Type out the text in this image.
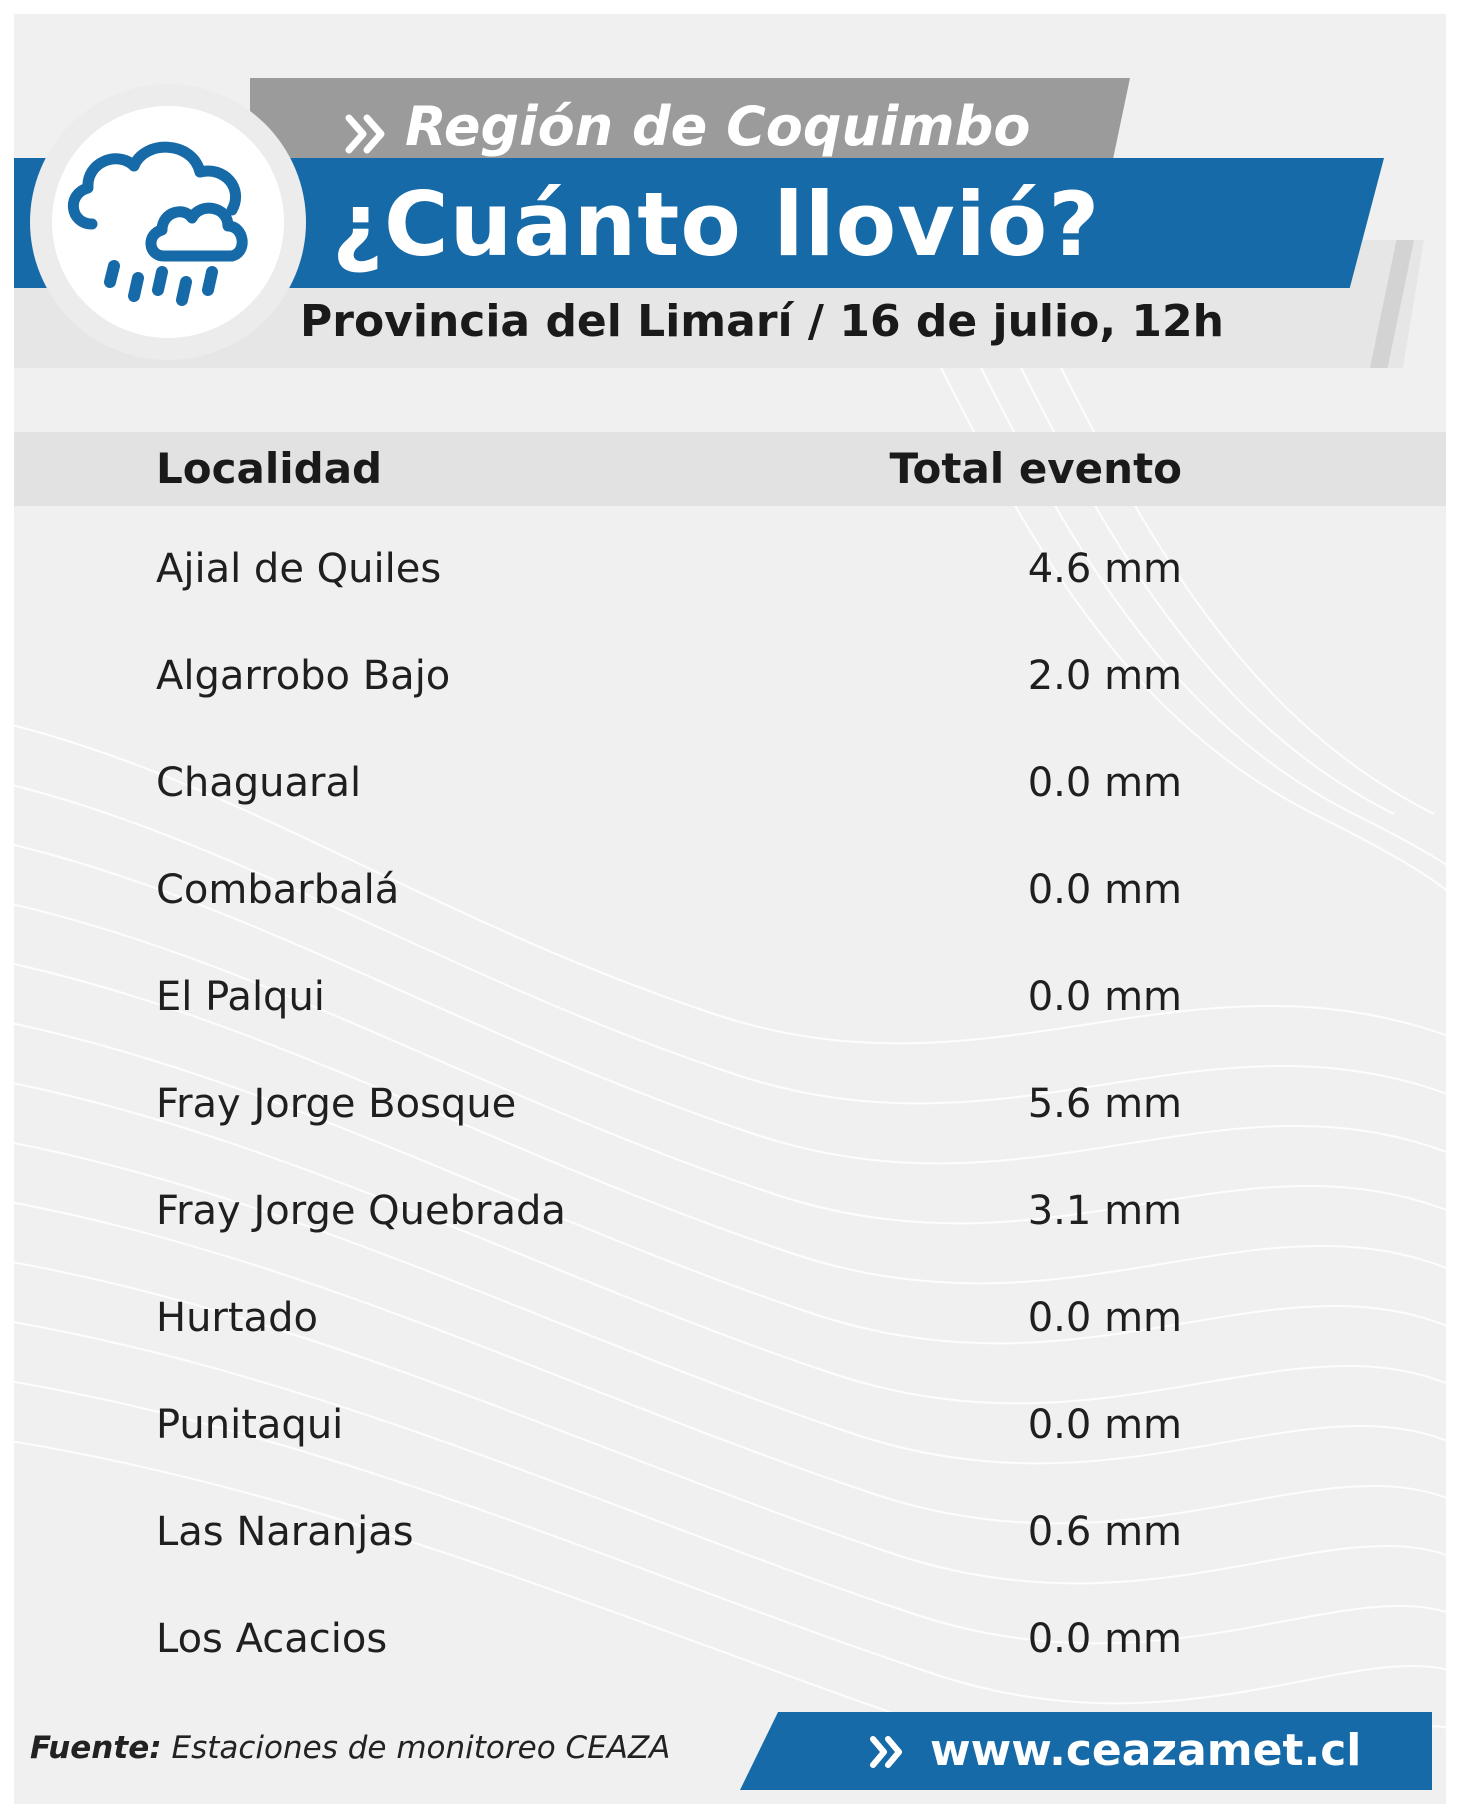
Localidad	Total evento
Ajial de Quiles	4.6 mm
Algarrobo Bajo	2.0 mm
Chaguaral	0.0 mm
Combarbalá	0.0 mm
El Palqui	0.0 mm
Fray Jorge Bosque	5.6 mm
Fray Jorge Quebrada	3.1 mm
Hurtado	0.0 mm
Punitaqui	0.0 mm
Las Naranjas	0.6 mm
Los Acacios	0.0 mm
Región de Coquimbo
¿Cuánto llovió?
Provincia del Limarí / 16 de julio, 12h
Fuente: Estaciones de monitoreo CEAZA	www.ceazamet.cl
